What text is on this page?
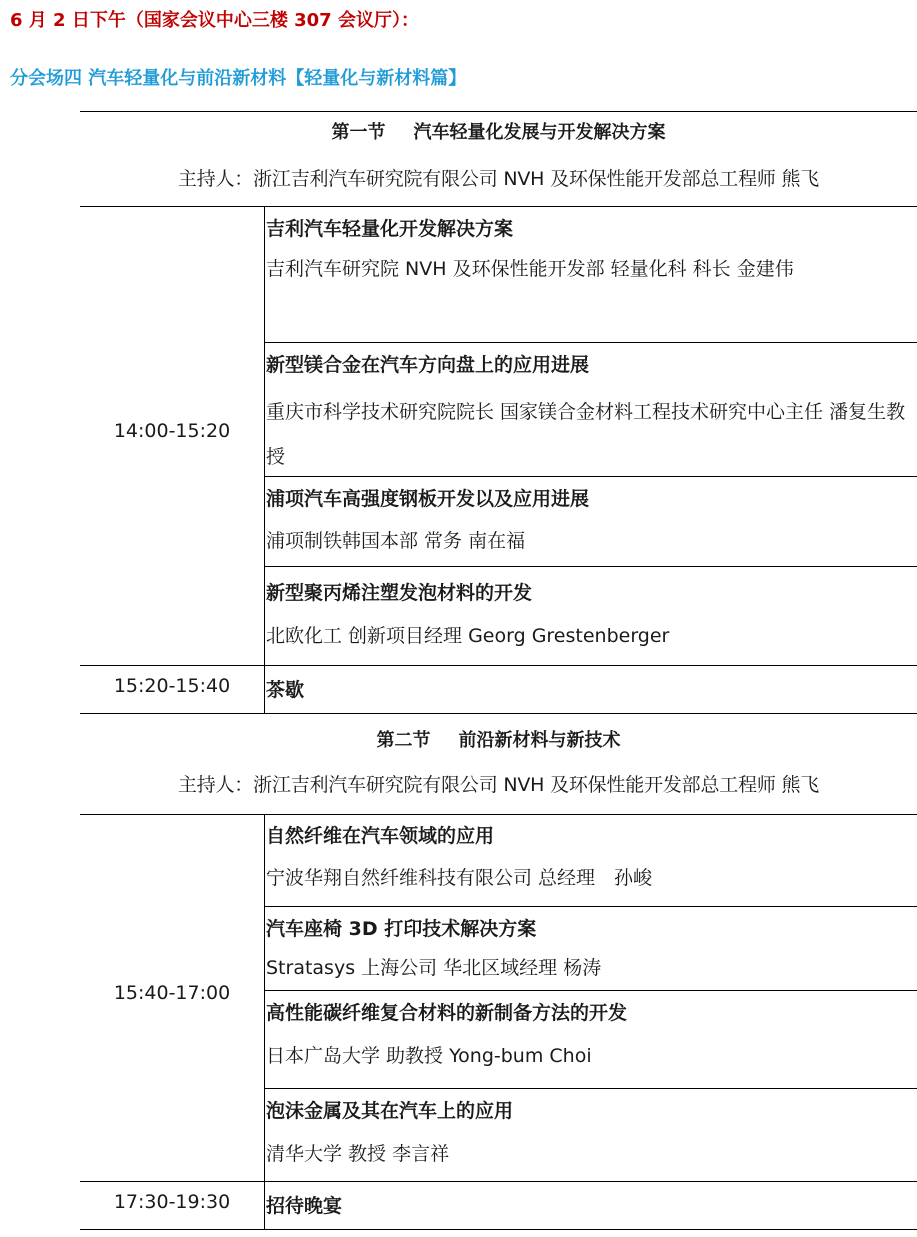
6 月 2 日下午（国家会议中心三楼 307 会议厅）：
分会场四 汽车轻量化与前沿新材料【轻量化与新材料篇】
第一节 汽车轻量化发展与开发解决方案
主持人：浙江吉利汽车研究院有限公司 NVH 及环保性能开发部总工程师 熊飞
14:00-15:20
吉利汽车轻量化开发解决方案
吉利汽车研究院 NVH 及环保性能开发部 轻量化科 科长 金建伟
新型镁合金在汽车方向盘上的应用进展
重庆市科学技术研究院院长 国家镁合金材料工程技术研究中心主任 潘复生教授
浦项汽车高强度钢板开发以及应用进展
浦项制铁韩国本部 常务 南在福
新型聚丙烯注塑发泡材料的开发
北欧化工 创新项目经理 Georg Grestenberger
15:20-15:40	茶歇
第二节 前沿新材料与新技术
主持人：浙江吉利汽车研究院有限公司 NVH 及环保性能开发部总工程师 熊飞
15:40-17:00
自然纤维在汽车领域的应用
宁波华翔自然纤维科技有限公司 总经理　孙峻
汽车座椅 3D 打印技术解决方案
Stratasys 上海公司 华北区域经理 杨涛
高性能碳纤维复合材料的新制备方法的开发
日本广岛大学 助教授 Yong-bum Choi
泡沫金属及其在汽车上的应用
清华大学 教授 李言祥
17:30-19:30	招待晚宴
